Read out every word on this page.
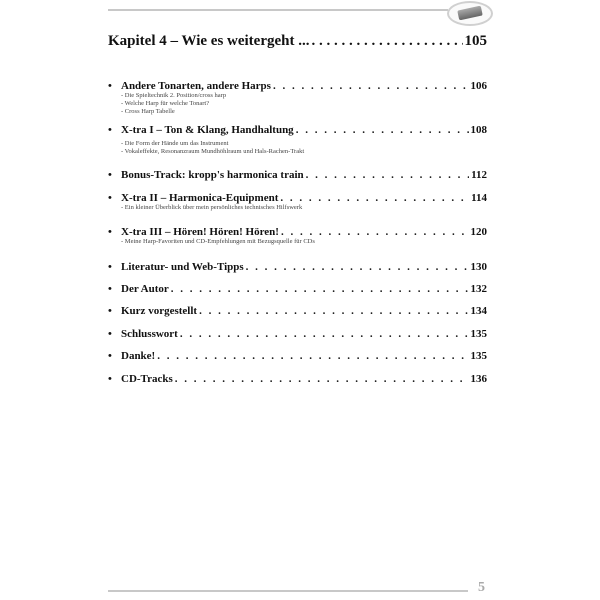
Kapitel 4 – Wie es weitergeht ... . . .	105
• Andere Tonarten, andere Harps . . .	106
- Die Spieltechnik 2. Position/cross harp
- Welche Harp für welche Tonart?
- Cross Harp Tabelle
• X-tra I – Ton & Klang, Handhaltung . . .	108
- Die Form der Hände um das Instrument
- Vokaleffekte, Resonanzraum Mundhöhlraum und Hals-Rachen-Trakt
• Bonus-Track: kropp's harmonica train . . .	112
• X-tra II – Harmonica-Equipment . . .	114
- Ein kleiner Überblick über mein persönliches technisches Hilfswerk
• X-tra III – Hören! Hören! Hören! . . .	120
- Meine Harp-Favoriten und CD-Empfehlungen mit Bezugsquelle für CDs
• Literatur- und Web-Tipps . . .	130
• Der Autor . . .	132
• Kurz vorgestellt . . .	134
• Schlusswort . . .	135
• Danke! . . .	135
• CD-Tracks . . .	136
5
